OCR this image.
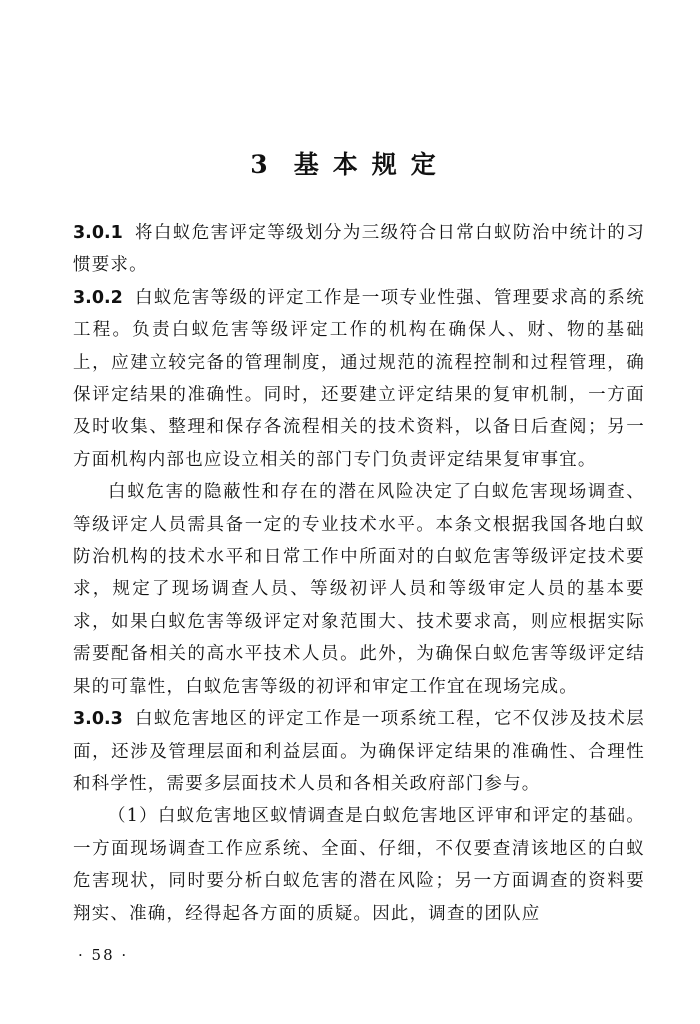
3 基本规定

3.0.1 将白蚁危害评定等级划分为三级符合日常白蚁防治中统计的习惯要求。

3.0.2 白蚁危害等级的评定工作是一项专业性强、管理要求高的系统工程。负责白蚁危害等级评定工作的机构在确保人、财、物的基础上，应建立较完备的管理制度，通过规范的流程控制和过程管理，确保评定结果的准确性。同时，还要建立评定结果的复审机制，一方面及时收集、整理和保存各流程相关的技术资料，以备日后查阅；另一方面机构内部也应设立相关的部门专门负责评定结果复审事宜。

白蚁危害的隐蔽性和存在的潜在风险决定了白蚁危害现场调查、等级评定人员需具备一定的专业技术水平。本条文根据我国各地白蚁防治机构的技术水平和日常工作中所面对的白蚁危害等级评定技术要求，规定了现场调查人员、等级初评人员和等级审定人员的基本要求，如果白蚁危害等级评定对象范围大、技术要求高，则应根据实际需要配备相关的高水平技术人员。此外，为确保白蚁危害等级评定结果的可靠性，白蚁危害等级的初评和审定工作宜在现场完成。

3.0.3 白蚁危害地区的评定工作是一项系统工程，它不仅涉及技术层面，还涉及管理层面和利益层面。为确保评定结果的准确性、合理性和科学性，需要多层面技术人员和各相关政府部门参与。

（1）白蚁危害地区蚁情调查是白蚁危害地区评审和评定的基础。一方面现场调查工作应系统、全面、仔细，不仅要查清该地区的白蚁危害现状，同时要分析白蚁危害的潜在风险；另一方面调查的资料要翔实、准确，经得起各方面的质疑。因此，调查的团队应

· 58 ·
